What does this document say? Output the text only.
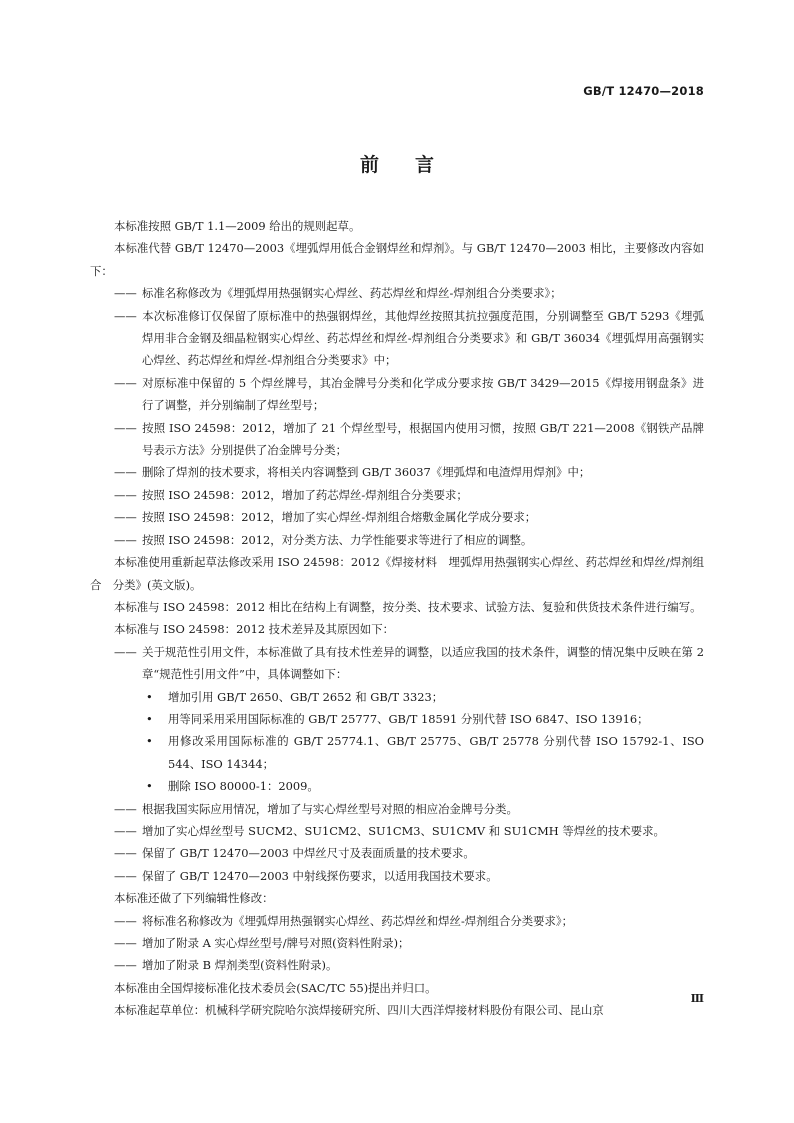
GB/T 12470—2018
前言

本标准按照 GB/T 1.1—2009 给出的规则起草。

本标准代替 GB/T 12470—2003《埋弧焊用低合金钢焊丝和焊剂》。与 GB/T 12470—2003 相比，主要修改内容如下：

—— 标准名称修改为《埋弧焊用热强钢实心焊丝、药芯焊丝和焊丝-焊剂组合分类要求》；

—— 本次标准修订仅保留了原标准中的热强钢焊丝，其他焊丝按照其抗拉强度范围，分别调整至 GB/T 5293《埋弧焊用非合金钢及细晶粒钢实心焊丝、药芯焊丝和焊丝-焊剂组合分类要求》和 GB/T 36034《埋弧焊用高强钢实心焊丝、药芯焊丝和焊丝-焊剂组合分类要求》中；

—— 对原标准中保留的 5 个焊丝牌号，其冶金牌号分类和化学成分要求按 GB/T 3429—2015《焊接用钢盘条》进行了调整，并分别编制了焊丝型号；

—— 按照 ISO 24598：2012，增加了 21 个焊丝型号，根据国内使用习惯，按照 GB/T 221—2008《钢铁产品牌号表示方法》分别提供了冶金牌号分类；

—— 删除了焊剂的技术要求，将相关内容调整到 GB/T 36037《埋弧焊和电渣焊用焊剂》中；

—— 按照 ISO 24598：2012，增加了药芯焊丝-焊剂组合分类要求；

—— 按照 ISO 24598：2012，增加了实心焊丝-焊剂组合熔敷金属化学成分要求；

—— 按照 ISO 24598：2012，对分类方法、力学性能要求等进行了相应的调整。

本标准使用重新起草法修改采用 ISO 24598：2012《焊接材料　埋弧焊用热强钢实心焊丝、药芯焊丝和焊丝/焊剂组合　分类》(英文版)。

本标准与 ISO 24598：2012 相比在结构上有调整，按分类、技术要求、试验方法、复验和供货技术条件进行编写。

本标准与 ISO 24598：2012 技术差异及其原因如下：

—— 关于规范性引用文件，本标准做了具有技术性差异的调整，以适应我国的技术条件，调整的情况集中反映在第 2 章“规范性引用文件”中，具体调整如下：

• 增加引用 GB/T 2650、GB/T 2652 和 GB/T 3323；

• 用等同采用采用国际标准的 GB/T 25777、GB/T 18591 分别代替 ISO 6847、ISO 13916；

• 用修改采用国际标准的 GB/T 25774.1、GB/T 25775、GB/T 25778 分别代替 ISO 15792-1、ISO 544、ISO 14344；

• 删除 ISO 80000-1：2009。

—— 根据我国实际应用情况，增加了与实心焊丝型号对照的相应冶金牌号分类。

—— 增加了实心焊丝型号 SUCM2、SU1CM2、SU1CM3、SU1CMV 和 SU1CMH 等焊丝的技术要求。

—— 保留了 GB/T 12470—2003 中焊丝尺寸及表面质量的技术要求。

—— 保留了 GB/T 12470—2003 中射线探伤要求，以适用我国技术要求。

本标准还做了下列编辑性修改：

—— 将标准名称修改为《埋弧焊用热强钢实心焊丝、药芯焊丝和焊丝-焊剂组合分类要求》；

—— 增加了附录 A 实心焊丝型号/牌号对照(资料性附录)；

—— 增加了附录 B 焊剂类型(资料性附录)。

本标准由全国焊接标准化技术委员会(SAC/TC 55)提出并归口。

本标准起草单位：机械科学研究院哈尔滨焊接研究所、四川大西洋焊接材料股份有限公司、昆山京

Ⅲ
